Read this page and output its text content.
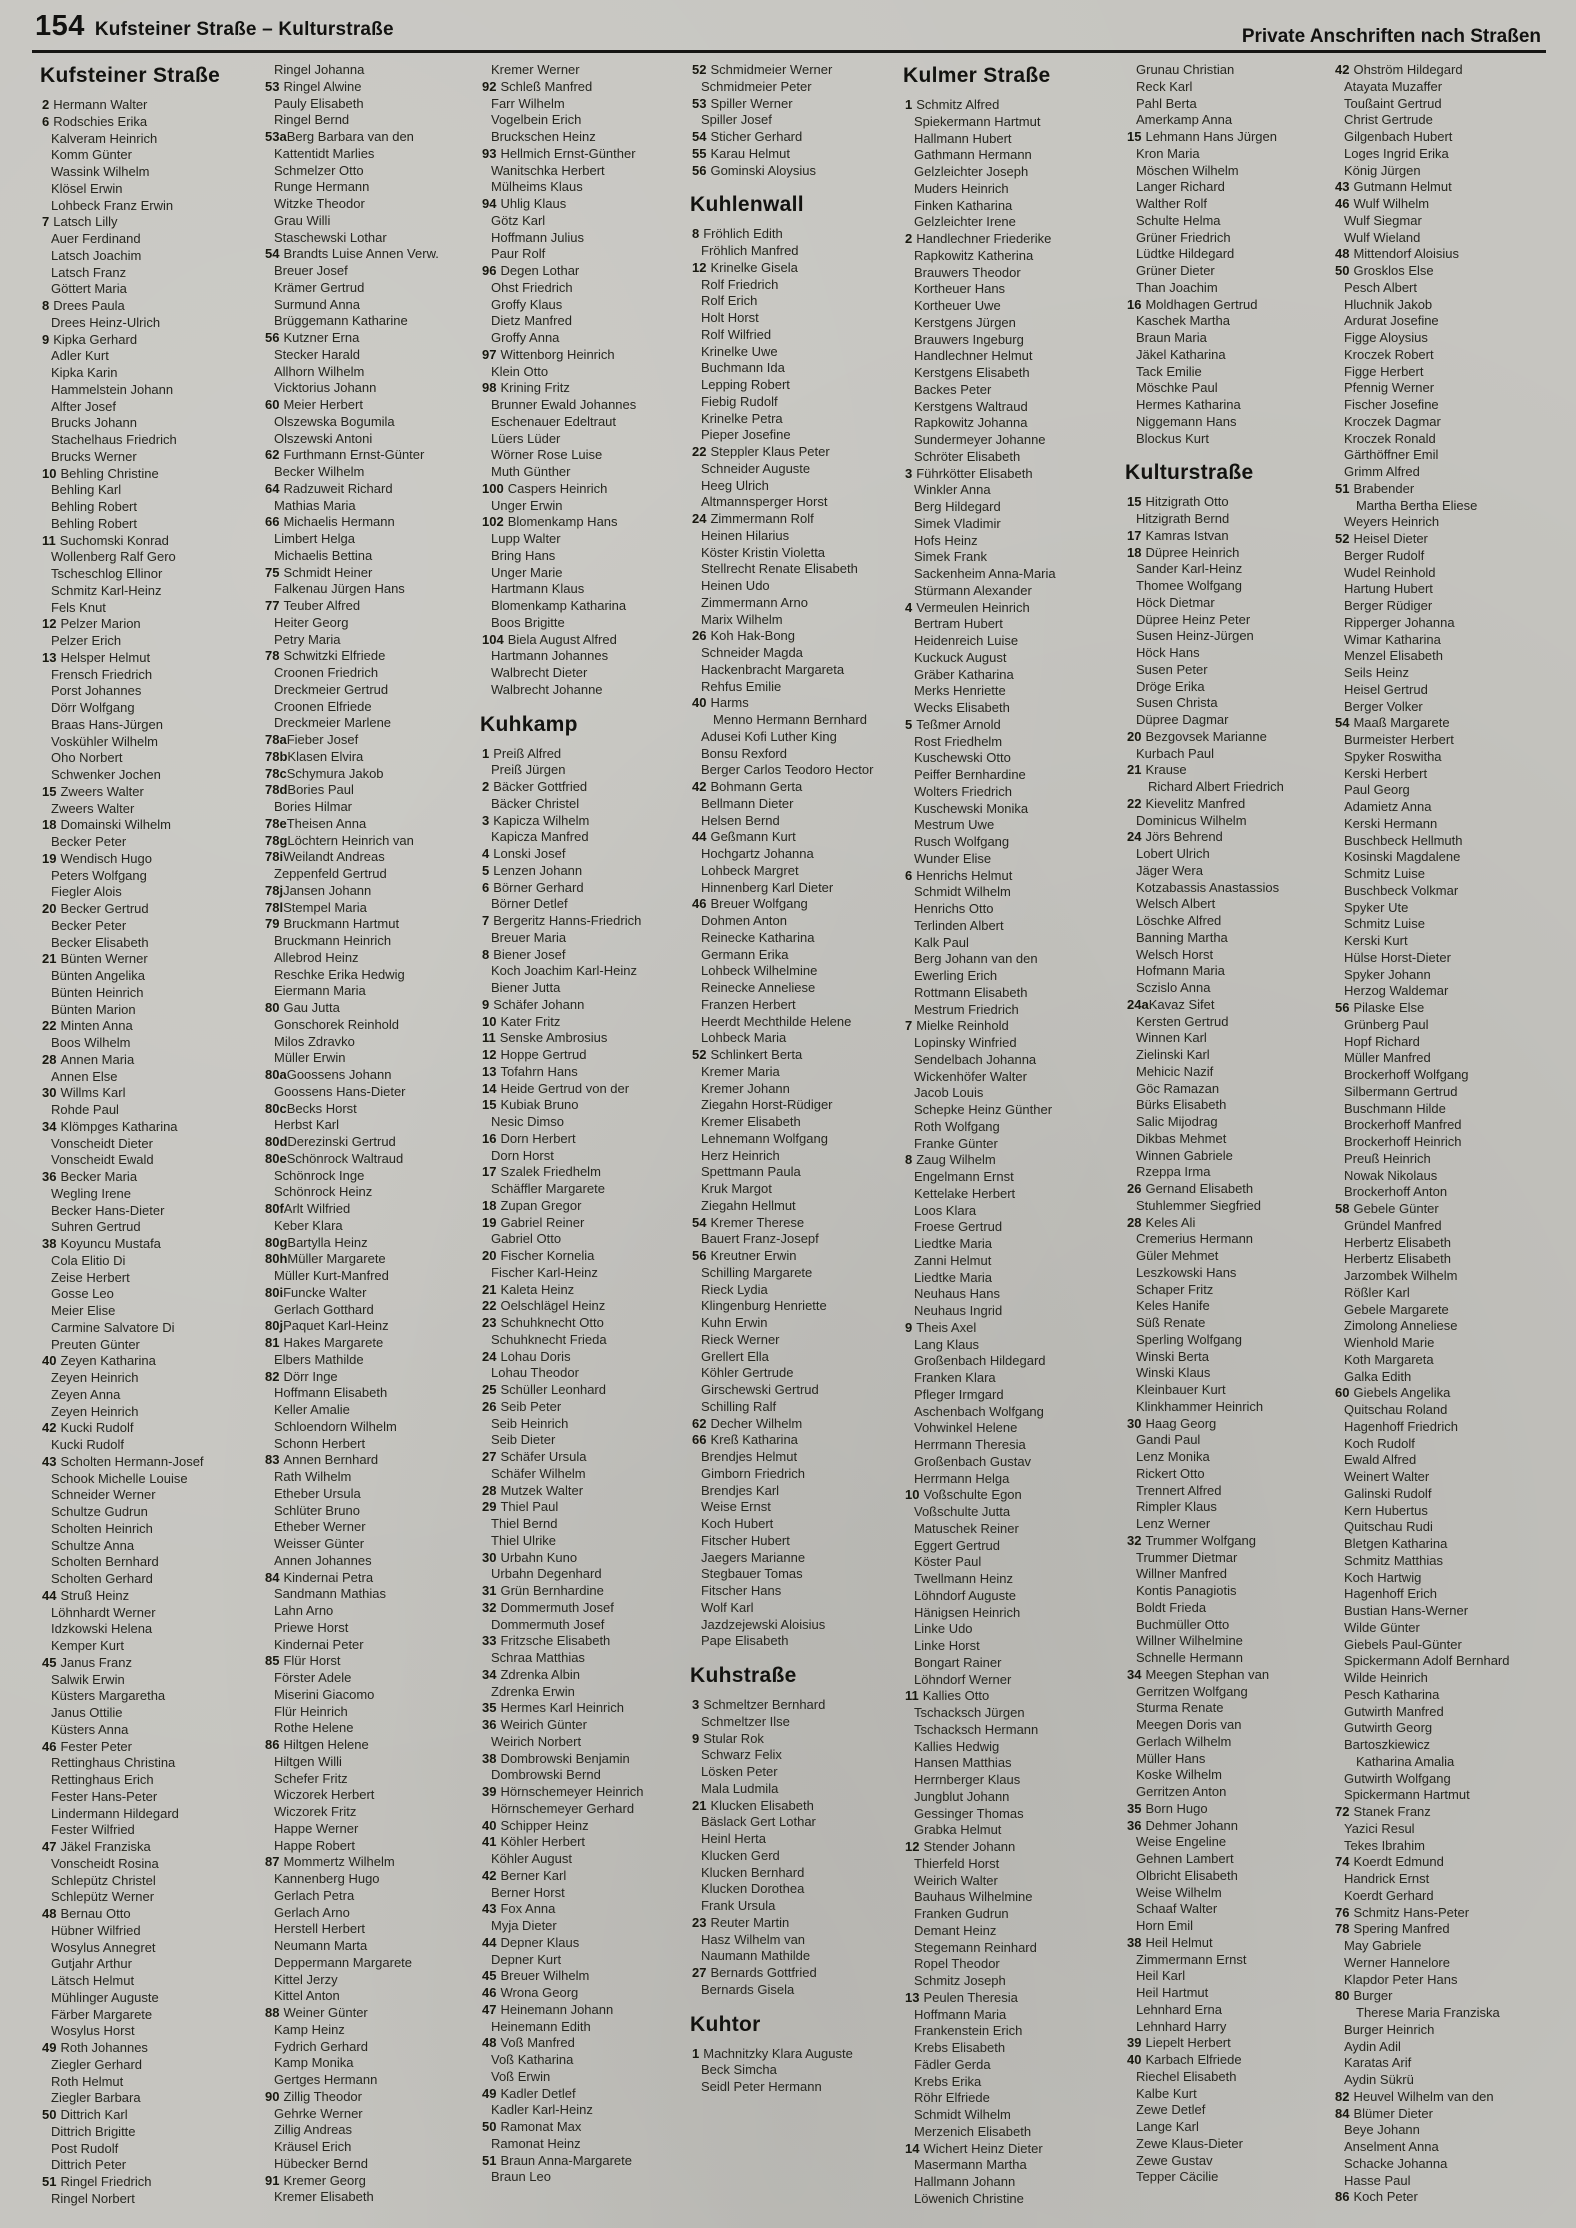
154 Kufsteiner Straße – Kulturstraße	Private Anschriften nach Straßen
Kufsteiner Straße
2 Hermann Walter
6 Rodschies Erika
Kalveram Heinrich
Komm Günter
Wassink Wilhelm
Klösel Erwin
Lohbeck Franz Erwin
7 Latsch Lilly
Auer Ferdinand
Latsch Joachim
Latsch Franz
Göttert Maria
8 Drees Paula
Drees Heinz-Ulrich
9 Kipka Gerhard
Adler Kurt
Kipka Karin
Hammelstein Johann
Alfter Josef
Brucks Johann
Stachelhaus Friedrich
Brucks Werner
10 Behling Christine
Behling Karl
Behling Robert
Behling Robert
11 Suchomski Konrad
Wollenberg Ralf Gero
Tscheschlog Ellinor
Schmitz Karl-Heinz
Fels Knut
12 Pelzer Marion
Pelzer Erich
13 Helsper Helmut
Frensch Friedrich
Porst Johannes
Dörr Wolfgang
Braas Hans-Jürgen
Voskühler Wilhelm
Oho Norbert
Schwenker Jochen
15 Zweers Walter
Zweers Walter
18 Domainski Wilhelm
Becker Peter
19 Wendisch Hugo
Peters Wolfgang
Fiegler Alois
20 Becker Gertrud
Becker Peter
Becker Elisabeth
21 Bünten Werner
Bünten Angelika
Bünten Heinrich
Bünten Marion
22 Minten Anna
Boos Wilhelm
28 Annen Maria
Annen Else
30 Willms Karl
Rohde Paul
34 Klömpges Katharina
Vonscheidt Dieter
Vonscheidt Ewald
36 Becker Maria
Wegling Irene
Becker Hans-Dieter
Suhren Gertrud
38 Koyuncu Mustafa
Cola Elitio Di
Zeise Herbert
Gosse Leo
Meier Elise
Carmine Salvatore Di
Preuten Günter
40 Zeyen Katharina
Zeyen Heinrich
Zeyen Anna
Zeyen Heinrich
42 Kucki Rudolf
Kucki Rudolf
43 Scholten Hermann-Josef
Schook Michelle Louise
Schneider Werner
Schultze Gudrun
Scholten Heinrich
Schultze Anna
Scholten Bernhard
Scholten Gerhard
44 Struß Heinz
Löhnhardt Werner
Idzkowski Helena
Kemper Kurt
45 Janus Franz
Salwik Erwin
Küsters Margaretha
Janus Ottilie
Küsters Anna
46 Fester Peter
Rettinghaus Christina
Rettinghaus Erich
Fester Hans-Peter
Lindermann Hildegard
Fester Wilfried
47 Jäkel Franziska
Vonscheidt Rosina
Schlepütz Christel
Schlepütz Werner
48 Bernau Otto
Hübner Wilfried
Wosylus Annegret
Gutjahr Arthur
Lätsch Helmut
Mühlinger Auguste
Färber Margarete
Wosylus Horst
49 Roth Johannes
Ziegler Gerhard
Roth Helmut
Ziegler Barbara
50 Dittrich Karl
Dittrich Brigitte
Post Rudolf
Dittrich Peter
51 Ringel Friedrich
Ringel Norbert
Ringel Johanna
53 Ringel Alwine
Pauly Elisabeth
Ringel Bernd
53aBerg Barbara van den
Kattentidt Marlies
Schmelzer Otto
Runge Hermann
Witzke Theodor
Grau Willi
Staschewski Lothar
54 Brandts Luise Annen Verw.
Breuer Josef
Krämer Gertrud
Surmund Anna
Brüggemann Katharine
56 Kutzner Erna
Stecker Harald
Allhorn Wilhelm
Vicktorius Johann
60 Meier Herbert
Olszewska Bogumila
Olszewski Antoni
62 Furthmann Ernst-Günter
Becker Wilhelm
64 Radzuweit Richard
Mathias Maria
66 Michaelis Hermann
Limbert Helga
Michaelis Bettina
75 Schmidt Heiner
Falkenau Jürgen Hans
77 Teuber Alfred
Heiter Georg
Petry Maria
78 Schwitzki Elfriede
Croonen Friedrich
Dreckmeier Gertrud
Croonen Elfriede
Dreckmeier Marlene
78aFieber Josef
78bKlasen Elvira
78cSchymura Jakob
78dBories Paul
Bories Hilmar
78eTheisen Anna
78gLöchtern Heinrich van
78iWeilandt Andreas
Zeppenfeld Gertrud
78jJansen Johann
78lStempel Maria
79 Bruckmann Hartmut
Bruckmann Heinrich
Allebrod Heinz
Reschke Erika Hedwig
Eiermann Maria
80 Gau Jutta
Gonschorek Reinhold
Milos Zdravko
Müller Erwin
80aGoossens Johann
Goossens Hans-Dieter
80cBecks Horst
Herbst Karl
80dDerezinski Gertrud
80eSchönrock Waltraud
Schönrock Inge
Schönrock Heinz
80fArlt Wilfried
Keber Klara
80gBartylla Heinz
80hMüller Margarete
Müller Kurt-Manfred
80iFuncke Walter
Gerlach Gotthard
80jPaquet Karl-Heinz
81 Hakes Margarete
Elbers Mathilde
82 Dörr Inge
Hoffmann Elisabeth
Keller Amalie
Schloendorn Wilhelm
Schonn Herbert
83 Annen Bernhard
Rath Wilhelm
Etheber Ursula
Schlüter Bruno
Etheber Werner
Weisser Günter
Annen Johannes
84 Kindernai Petra
Sandmann Mathias
Lahn Arno
Priewe Horst
Kindernai Peter
85 Flür Horst
Förster Adele
Miserini Giacomo
Flür Heinrich
Rothe Helene
86 Hiltgen Helene
Hiltgen Willi
Schefer Fritz
Wiczorek Herbert
Wiczorek Fritz
Happe Werner
Happe Robert
87 Mommertz Wilhelm
Kannenberg Hugo
Gerlach Petra
Gerlach Arno
Herstell Herbert
Neumann Marta
Deppermann Margarete
Kittel Jerzy
Kittel Anton
88 Weiner Günter
Kamp Heinz
Fydrich Gerhard
Kamp Monika
Gertges Hermann
90 Zillig Theodor
Gehrke Werner
Zillig Andreas
Kräusel Erich
Hübecker Bernd
91 Kremer Georg
Kremer Elisabeth
Kremer Werner
92 Schleß Manfred
Farr Wilhelm
Vogelbein Erich
Bruckschen Heinz
93 Hellmich Ernst-Günther
Wanitschka Herbert
Mülheims Klaus
94 Uhlig Klaus
Götz Karl
Hoffmann Julius
Paur Rolf
96 Degen Lothar
Ohst Friedrich
Groffy Klaus
Dietz Manfred
Groffy Anna
97 Wittenborg Heinrich
Klein Otto
98 Krining Fritz
Brunner Ewald Johannes
Eschenauer Edeltraut
Lüers Lüder
Wörner Rose Luise
Muth Günther
100 Caspers Heinrich
Unger Erwin
102 Blomenkamp Hans
Lupp Walter
Bring Hans
Unger Marie
Hartmann Klaus
Blomenkamp Katharina
Boos Brigitte
104 Biela August Alfred
Hartmann Johannes
Walbrecht Dieter
Walbrecht Johanne
Kuhkamp
1 Preiß Alfred
Preiß Jürgen
2 Bäcker Gottfried
Bäcker Christel
3 Kapicza Wilhelm
Kapicza Manfred
4 Lonski Josef
5 Lenzen Johann
6 Börner Gerhard
Börner Detlef
7 Bergeritz Hanns-Friedrich
Breuer Maria
8 Biener Josef
Koch Joachim Karl-Heinz
Biener Jutta
9 Schäfer Johann
10 Kater Fritz
11 Senske Ambrosius
12 Hoppe Gertrud
13 Tofahrn Hans
14 Heide Gertrud von der
15 Kubiak Bruno
Nesic Dimso
16 Dorn Herbert
Dorn Horst
17 Szalek Friedhelm
Schäffler Margarete
18 Zupan Gregor
19 Gabriel Reiner
Gabriel Otto
20 Fischer Kornelia
Fischer Karl-Heinz
21 Kaleta Heinz
22 Oelschlägel Heinz
23 Schuhknecht Otto
Schuhknecht Frieda
24 Lohau Doris
Lohau Theodor
25 Schüller Leonhard
26 Seib Peter
Seib Heinrich
Seib Dieter
27 Schäfer Ursula
Schäfer Wilhelm
28 Mutzek Walter
29 Thiel Paul
Thiel Bernd
Thiel Ulrike
30 Urbahn Kuno
Urbahn Degenhard
31 Grün Bernhardine
32 Dommermuth Josef
Dommermuth Josef
33 Fritzsche Elisabeth
Schraa Matthias
34 Zdrenka Albin
Zdrenka Erwin
35 Hermes Karl Heinrich
36 Weirich Günter
Weirich Norbert
38 Dombrowski Benjamin
Dombrowski Bernd
39 Hörnschemeyer Heinrich
Hörnschemeyer Gerhard
40 Schipper Heinz
41 Köhler Herbert
Köhler August
42 Berner Karl
Berner Horst
43 Fox Anna
Myja Dieter
44 Depner Klaus
Depner Kurt
45 Breuer Wilhelm
46 Wrona Georg
47 Heinemann Johann
Heinemann Edith
48 Voß Manfred
Voß Katharina
Voß Erwin
49 Kadler Detlef
Kadler Karl-Heinz
50 Ramonat Max
Ramonat Heinz
51 Braun Anna-Margarete
Braun Leo
52 Schmidmeier Werner
Schmidmeier Peter
53 Spiller Werner
Spiller Josef
54 Sticher Gerhard
55 Karau Helmut
56 Gominski Aloysius
Kuhlenwall
8 Fröhlich Edith
Fröhlich Manfred
12 Krinelke Gisela
Rolf Friedrich
Rolf Erich
Holt Horst
Rolf Wilfried
Krinelke Uwe
Buchmann Ida
Lepping Robert
Fiebig Rudolf
Krinelke Petra
Pieper Josefine
22 Steppler Klaus Peter
Schneider Auguste
Heeg Ulrich
Altmannsperger Horst
24 Zimmermann Rolf
Heinen Hilarius
Köster Kristin Violetta
Stellrecht Renate Elisabeth
Heinen Udo
Zimmermann Arno
Marix Wilhelm
26 Koh Hak-Bong
Schneider Magda
Hackenbracht Margareta
Rehfus Emilie
40 Harms
Menno Hermann Bernhard
Adusei Kofi Luther King
Bonsu Rexford
Berger Carlos Teodoro Hector
42 Bohmann Gerta
Bellmann Dieter
Helsen Bernd
44 Geßmann Kurt
Hochgartz Johanna
Lohbeck Margret
Hinnenberg Karl Dieter
46 Breuer Wolfgang
Dohmen Anton
Reinecke Katharina
Germann Erika
Lohbeck Wilhelmine
Reinecke Anneliese
Franzen Herbert
Heerdt Mechthilde Helene
Lohbeck Maria
52 Schlinkert Berta
Kremer Maria
Kremer Johann
Ziegahn Horst-Rüdiger
Kremer Elisabeth
Lehnemann Wolfgang
Herz Heinrich
Spettmann Paula
Kruk Margot
Ziegahn Hellmut
54 Kremer Therese
Bauert Franz-Josepf
56 Kreutner Erwin
Schilling Margarete
Rieck Lydia
Klingenburg Henriette
Kuhn Erwin
Rieck Werner
Grellert Ella
Köhler Gertrude
Girschewski Gertrud
Schilling Ralf
62 Decher Wilhelm
66 Kreß Katharina
Brendjes Helmut
Gimborn Friedrich
Brendjes Karl
Weise Ernst
Koch Hubert
Fitscher Hubert
Jaegers Marianne
Stegbauer Tomas
Fitscher Hans
Wolf Karl
Jazdzejewski Aloisius
Pape Elisabeth
Kuhstraße
3 Schmeltzer Bernhard
Schmeltzer Ilse
9 Stular Rok
Schwarz Felix
Lösken Peter
Mala Ludmila
21 Klucken Elisabeth
Bäslack Gert Lothar
Heinl Herta
Klucken Gerd
Klucken Bernhard
Klucken Dorothea
Frank Ursula
23 Reuter Martin
Hasz Wilhelm van
Naumann Mathilde
27 Bernards Gottfried
Bernards Gisela
Kuhtor
1 Machnitzky Klara Auguste
Beck Simcha
Seidl Peter Hermann
Kulmer Straße
1 Schmitz Alfred
Spiekermann Hartmut
Hallmann Hubert
Gathmann Hermann
Gelzleichter Joseph
Muders Heinrich
Finken Katharina
Gelzleichter Irene
2 Handlechner Friederike
Rapkowitz Katherina
Brauwers Theodor
Kortheuer Hans
Kortheuer Uwe
Kerstgens Jürgen
Brauwers Ingeburg
Handlechner Helmut
Kerstgens Elisabeth
Backes Peter
Kerstgens Waltraud
Rapkowitz Johanna
Sundermeyer Johanne
Schröter Elisabeth
3 Führkötter Elisabeth
Winkler Anna
Berg Hildegard
Simek Vladimir
Hofs Heinz
Simek Frank
Sackenheim Anna-Maria
Stürmann Alexander
4 Vermeulen Heinrich
Bertram Hubert
Heidenreich Luise
Kuckuck August
Gräber Katharina
Merks Henriette
Wecks Elisabeth
5 Teßmer Arnold
Rost Friedhelm
Kuschewski Otto
Peiffer Bernhardine
Wolters Friedrich
Kuschewski Monika
Mestrum Uwe
Rusch Wolfgang
Wunder Elise
6 Henrichs Helmut
Schmidt Wilhelm
Henrichs Otto
Terlinden Albert
Kalk Paul
Berg Johann van den
Ewerling Erich
Rottmann Elisabeth
Mestrum Friedrich
7 Mielke Reinhold
Lopinsky Winfried
Sendelbach Johanna
Wickenhöfer Walter
Jacob Louis
Schepke Heinz Günther
Roth Wolfgang
Franke Günter
8 Zaug Wilhelm
Engelmann Ernst
Kettelake Herbert
Loos Klara
Froese Gertrud
Liedtke Maria
Zanni Helmut
Liedtke Maria
Neuhaus Hans
Neuhaus Ingrid
9 Theis Axel
Lang Klaus
Großenbach Hildegard
Franken Klara
Pfleger Irmgard
Aschenbach Wolfgang
Vohwinkel Helene
Herrmann Theresia
Großenbach Gustav
Herrmann Helga
10 Voßschulte Egon
Voßschulte Jutta
Matuschek Reiner
Eggert Gertrud
Köster Paul
Twellmann Heinz
Löhndorf Auguste
Hänigsen Heinrich
Linke Udo
Linke Horst
Bongart Rainer
Löhndorf Werner
11 Kallies Otto
Tschacksch Jürgen
Tschacksch Hermann
Kallies Hedwig
Hansen Matthias
Herrnberger Klaus
Jungblut Johann
Gessinger Thomas
Grabka Helmut
12 Stender Johann
Thierfeld Horst
Weirich Walter
Bauhaus Wilhelmine
Franken Gudrun
Demant Heinz
Stegemann Reinhard
Ropel Theodor
Schmitz Joseph
13 Peulen Theresia
Hoffmann Maria
Frankenstein Erich
Krebs Elisabeth
Fädler Gerda
Krebs Erika
Röhr Elfriede
Schmidt Wilhelm
Merzenich Elisabeth
14 Wichert Heinz Dieter
Masermann Martha
Hallmann Johann
Löwenich Christine
Grunau Christian
Reck Karl
Pahl Berta
Amerkamp Anna
15 Lehmann Hans Jürgen
Kron Maria
Möschen Wilhelm
Langer Richard
Walther Rolf
Schulte Helma
Grüner Friedrich
Lüdtke Hildegard
Grüner Dieter
Than Joachim
16 Moldhagen Gertrud
Kaschek Martha
Braun Maria
Jäkel Katharina
Tack Emilie
Möschke Paul
Hermes Katharina
Niggemann Hans
Blockus Kurt
Kulturstraße
15 Hitzigrath Otto
Hitzigrath Bernd
17 Kamras Istvan
18 Düpree Heinrich
Sander Karl-Heinz
Thomee Wolfgang
Höck Dietmar
Düpree Heinz Peter
Susen Heinz-Jürgen
Höck Hans
Susen Peter
Dröge Erika
Susen Christa
Düpree Dagmar
20 Bezgovsek Marianne
Kurbach Paul
21 Krause
Richard Albert Friedrich
22 Kievelitz Manfred
Dominicus Wilhelm
24 Jörs Behrend
Lobert Ulrich
Jäger Wera
Kotzabassis Anastassios
Welsch Albert
Löschke Alfred
Banning Martha
Welsch Horst
Hofmann Maria
Sczislo Anna
24aKavaz Sifet
Kersten Gertrud
Winnen Karl
Zielinski Karl
Mehicic Nazif
Göc Ramazan
Bürks Elisabeth
Salic Mijodrag
Dikbas Mehmet
Winnen Gabriele
Rzeppa Irma
26 Gernand Elisabeth
Stuhlemmer Siegfried
28 Keles Ali
Cremerius Hermann
Güler Mehmet
Leszkowski Hans
Schaper Fritz
Keles Hanife
Süß Renate
Sperling Wolfgang
Winski Berta
Winski Klaus
Kleinbauer Kurt
Klinkhammer Heinrich
30 Haag Georg
Gandi Paul
Lenz Monika
Rickert Otto
Trennert Alfred
Rimpler Klaus
Lenz Werner
32 Trummer Wolfgang
Trummer Dietmar
Willner Manfred
Kontis Panagiotis
Boldt Frieda
Buchmüller Otto
Willner Wilhelmine
Schnelle Hermann
34 Meegen Stephan van
Gerritzen Wolfgang
Sturma Renate
Meegen Doris van
Gerlach Wilhelm
Müller Hans
Koske Wilhelm
Gerritzen Anton
35 Born Hugo
36 Dehmer Johann
Weise Engeline
Gehnen Lambert
Olbricht Elisabeth
Weise Wilhelm
Schaaf Walter
Horn Emil
38 Heil Helmut
Zimmermann Ernst
Heil Karl
Heil Hartmut
Lehnhard Erna
Lehnhard Harry
39 Liepelt Herbert
40 Karbach Elfriede
Riechel Elisabeth
Kalbe Kurt
Zewe Detlef
Lange Karl
Zewe Klaus-Dieter
Zewe Gustav
Tepper Cäcilie
42 Ohström Hildegard
Atayata Muzaffer
Toußaint Gertrud
Christ Gertrude
Gilgenbach Hubert
Loges Ingrid Erika
König Jürgen
43 Gutmann Helmut
46 Wulf Wilhelm
Wulf Siegmar
Wulf Wieland
48 Mittendorf Aloisius
50 Grosklos Else
Pesch Albert
Hluchnik Jakob
Ardurat Josefine
Figge Aloysius
Kroczek Robert
Figge Herbert
Pfennig Werner
Fischer Josefine
Kroczek Dagmar
Kroczek Ronald
Gärthöffner Emil
Grimm Alfred
51 Brabender
Martha Bertha Eliese
Weyers Heinrich
52 Heisel Dieter
Berger Rudolf
Wudel Reinhold
Hartung Hubert
Berger Rüdiger
Ripperger Johanna
Wimar Katharina
Menzel Elisabeth
Seils Heinz
Heisel Gertrud
Berger Volker
54 Maaß Margarete
Burmeister Herbert
Spyker Roswitha
Kerski Herbert
Paul Georg
Adamietz Anna
Kerski Hermann
Buschbeck Hellmuth
Kosinski Magdalene
Schmitz Luise
Buschbeck Volkmar
Spyker Ute
Schmitz Luise
Kerski Kurt
Hülse Horst-Dieter
Spyker Johann
Herzog Waldemar
56 Pilaske Else
Grünberg Paul
Hopf Richard
Müller Manfred
Brockerhoff Wolfgang
Silbermann Gertrud
Buschmann Hilde
Brockerhoff Manfred
Brockerhoff Heinrich
Preuß Heinrich
Nowak Nikolaus
Brockerhoff Anton
58 Gebele Günter
Gründel Manfred
Herbertz Elisabeth
Herbertz Elisabeth
Jarzombek Wilhelm
Rößler Karl
Gebele Margarete
Zimolong Anneliese
Wienhold Marie
Koth Margareta
Galka Edith
60 Giebels Angelika
Quitschau Roland
Hagenhoff Friedrich
Koch Rudolf
Ewald Alfred
Weinert Walter
Galinski Rudolf
Kern Hubertus
Quitschau Rudi
Bletgen Katharina
Schmitz Matthias
Koch Hartwig
Hagenhoff Erich
Bustian Hans-Werner
Wilde Günter
Giebels Paul-Günter
Spickermann Adolf Bernhard
Wilde Heinrich
Pesch Katharina
Gutwirth Manfred
Gutwirth Georg
Bartoszkiewicz
Katharina Amalia
Gutwirth Wolfgang
Spickermann Hartmut
72 Stanek Franz
Yazici Resul
Tekes Ibrahim
74 Koerdt Edmund
Handrick Ernst
Koerdt Gerhard
76 Schmitz Hans-Peter
78 Spering Manfred
May Gabriele
Werner Hannelore
Klapdor Peter Hans
80 Burger
Therese Maria Franziska
Burger Heinrich
Aydin Adil
Karatas Arif
Aydin Sükrü
82 Heuvel Wilhelm van den
84 Blümer Dieter
Beye Johann
Anselment Anna
Schacke Johanna
Hasse Paul
86 Koch Peter
